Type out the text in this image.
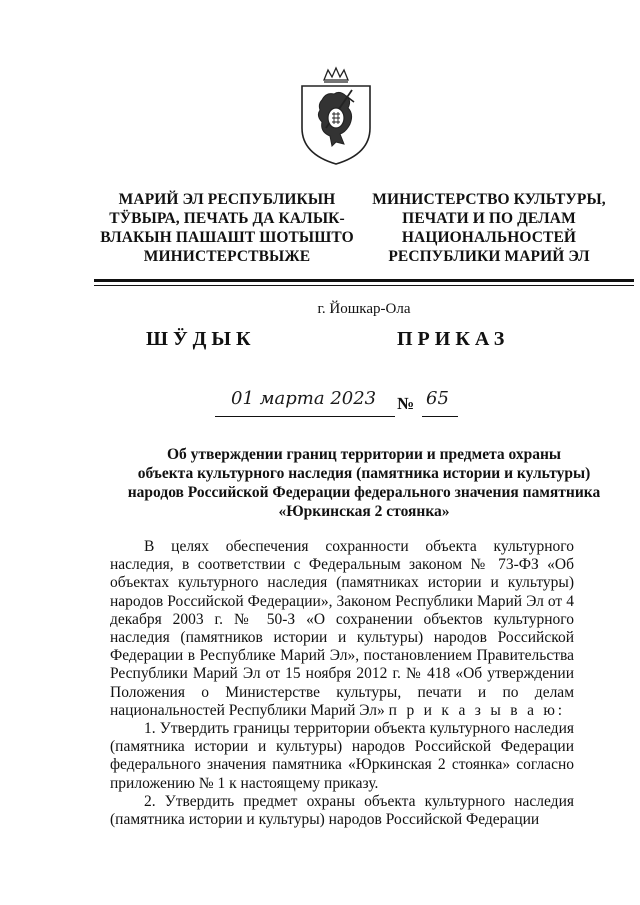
МАРИЙ ЭЛ РЕСПУБЛИКЫН
ТӰВЫРА, ПЕЧАТЬ ДА КАЛЫК-
ВЛАКЫН ПАШАШТ ШОТЫШТО
МИНИСТЕРСТВЫЖЕ
МИНИСТЕРСТВО КУЛЬТУРЫ,
ПЕЧАТИ И ПО ДЕЛАМ
НАЦИОНАЛЬНОСТЕЙ
РЕСПУБЛИКИ МАРИЙ ЭЛ
г. Йошкар-Ола
ШӰДЫК	ПРИКАЗ
01 марта 2023 № 65
Об утверждении границ территории и предмета охраны
объекта культурного наследия (памятника истории и культуры)
народов Российской Федерации федерального значения памятника
«Юркинская 2 стоянка»

В целях обеспечения сохранности объекта культурного наследия, в соответствии с Федеральным законом № 73-ФЗ «Об объектах культурного наследия (памятниках истории и культуры) народов Российской Федерации», Законом Республики Марий Эл от 4 декабря 2003 г. № 50-З «О сохранении объектов культурного наследия (памятников истории и культуры) народов Российской Федерации в Республике Марий Эл», постановлением Правительства Республики Марий Эл от 15 ноября 2012 г. № 418 «Об утверждении Положения о Министерстве культуры, печати и по делам национальностей Республики Марий Эл» п р и к а з ы в а ю:

1. Утвердить границы территории объекта культурного наследия (памятника истории и культуры) народов Российской Федерации федерального значения памятника «Юркинская 2 стоянка» согласно приложению № 1 к настоящему приказу.

2. Утвердить предмет охраны объекта культурного наследия (памятника истории и культуры) народов Российской Федерации
